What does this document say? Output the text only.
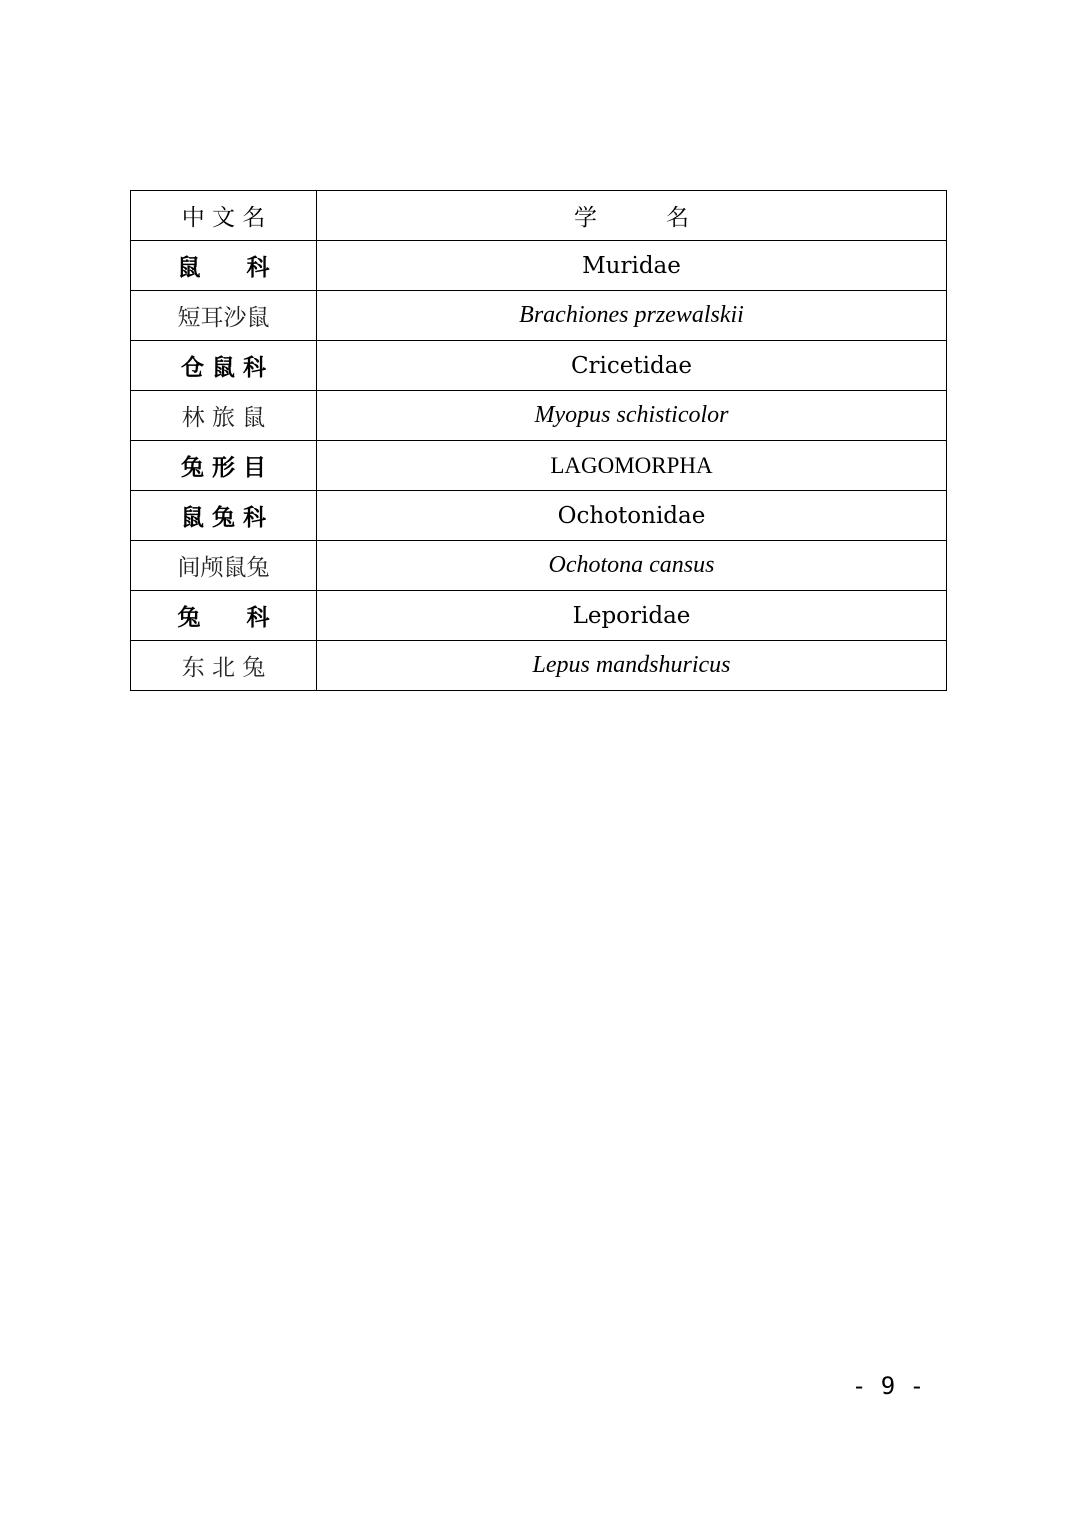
中 文 名	学　　　名
鼠　　科	Muridae
短耳沙鼠	Brachiones przewalskii
仓 鼠 科	Cricetidae
林 旅 鼠	Myopus schisticolor
兔 形 目	LAGOMORPHA
鼠 兔 科	Ochotonidae
间颅鼠兔	Ochotona cansus
兔　　科	Leporidae
东 北 兔	Lepus mandshuricus
- 9 -
